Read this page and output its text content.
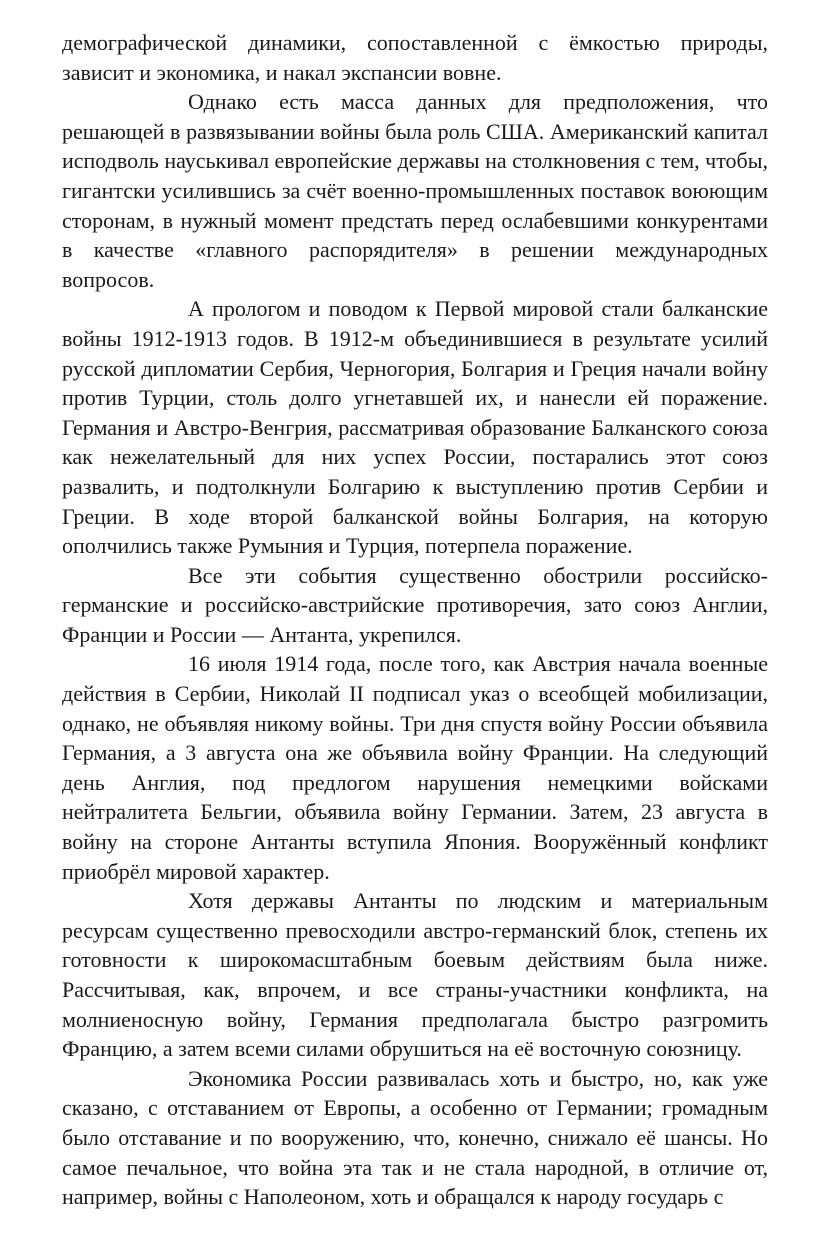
демографической динамики, сопоставленной с ёмкостью природы, зависит и экономика, и накал экспансии вовне.

Однако есть масса данных для предположения, что решающей в развязывании войны была роль США. Американский капитал исподволь науськивал европейские державы на столкновения с тем, чтобы, гигантски усилившись за счёт военно-промышленных поставок воюющим сторонам, в нужный момент предстать перед ослабевшими конкурентами в качестве «главного распорядителя» в решении международных вопросов.

А прологом и поводом к Первой мировой стали балканские войны 1912-1913 годов. В 1912-м объединившиеся в результате усилий русской дипломатии Сербия, Черногория, Болгария и Греция начали войну против Турции, столь долго угнетавшей их, и нанесли ей поражение. Германия и Австро-Венгрия, рассматривая образование Балканского союза как нежелательный для них успех России, постарались этот союз развалить, и подтолкнули Болгарию к выступлению против Сербии и Греции. В ходе второй балканской войны Болгария, на которую ополчились также Румыния и Турция, потерпела поражение.

Все эти события существенно обострили российско-германские и российско-австрийские противоречия, зато союз Англии, Франции и России — Антанта, укрепился.

16 июля 1914 года, после того, как Австрия начала военные действия в Сербии, Николай II подписал указ о всеобщей мобилизации, однако, не объявляя никому войны. Три дня спустя войну России объявила Германия, а 3 августа она же объявила войну Франции. На следующий день Англия, под предлогом нарушения немецкими войсками нейтралитета Бельгии, объявила войну Германии. Затем, 23 августа в войну на стороне Антанты вступила Япония. Вооружённый конфликт приобрёл мировой характер.

Хотя державы Антанты по людским и материальным ресурсам существенно превосходили австро-германский блок, степень их готовности к широкомасштабным боевым действиям была ниже. Рассчитывая, как, впрочем, и все страны-участники конфликта, на молниеносную войну, Германия предполагала быстро разгромить Францию, а затем всеми силами обрушиться на её восточную союзницу.

Экономика России развивалась хоть и быстро, но, как уже сказано, с отставанием от Европы, а особенно от Германии; громадным было отставание и по вооружению, что, конечно, снижало её шансы. Но самое печальное, что война эта так и не стала народной, в отличие от, например, войны с Наполеоном, хоть и обращался к народу государь с
